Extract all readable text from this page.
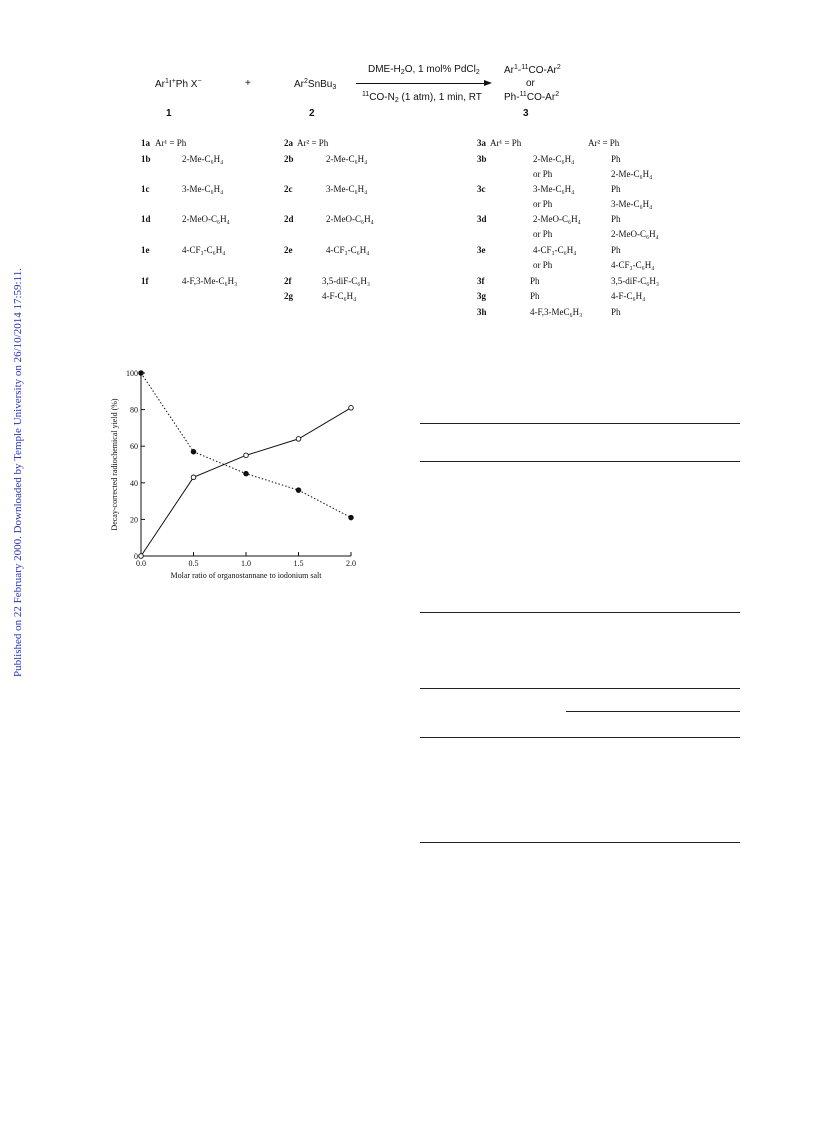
Published on 22 February 2000. Downloaded by Temple University on 26/10/2014 17:59:11.
Ar$^1$I+Ph X−	+	$Ar^2SnBu_3$
DME-$H_2O$, 1 mol% PdCl$_2$
$^{11}CO-N_2$ (1 atm), 1 min, RT
Ar$^1$-$^{11}$CO-Ar$^2$
or
Ph-$^{11}$CO-Ar$^2$
1	2	3
1a Ar¹ = Ph
1b	2-Me-C₆H₄
1c	3-Me-C₆H₄
1d	2-MeO-C₆H₄
1e	4-CF₃-C₆H₄
1f	4-F,3-Me-C₆H₃
2a Ar² = Ph
2b	2-Me-C₆H₄
2c	3-Me-C₆H₄
2d	2-MeO-C₆H₄
2e	4-CF₃-C₆H₄
2f	3,5-diF-C₆H₃
2g	4-F-C₆H₄
3a Ar¹ = Ph	Ar² = Ph
3b	2-Me-C₆H₄	Ph
or Ph	2-Me-C₆H₄
3c	3-Me-C₆H₄	Ph
or Ph	3-Me-C₆H₄
3d	2-MeO-C₆H₄	Ph
or Ph	2-MeO-C₆H₄
3e	4-CF₃-C₆H₄	Ph
or Ph	4-CF₃-C₆H₄
3f	Ph	3,5-diF-C₆H₃
3g	Ph	4-F-C₆H₄
3h	4-F,3-MeC₆H₃	Ph
0
20
40
60
80
100
0.0	0.5	1.0	1.5	2.0
Molar ratio of organostannane to iodonium salt
Decay-corrected radiochemical yield (%)
